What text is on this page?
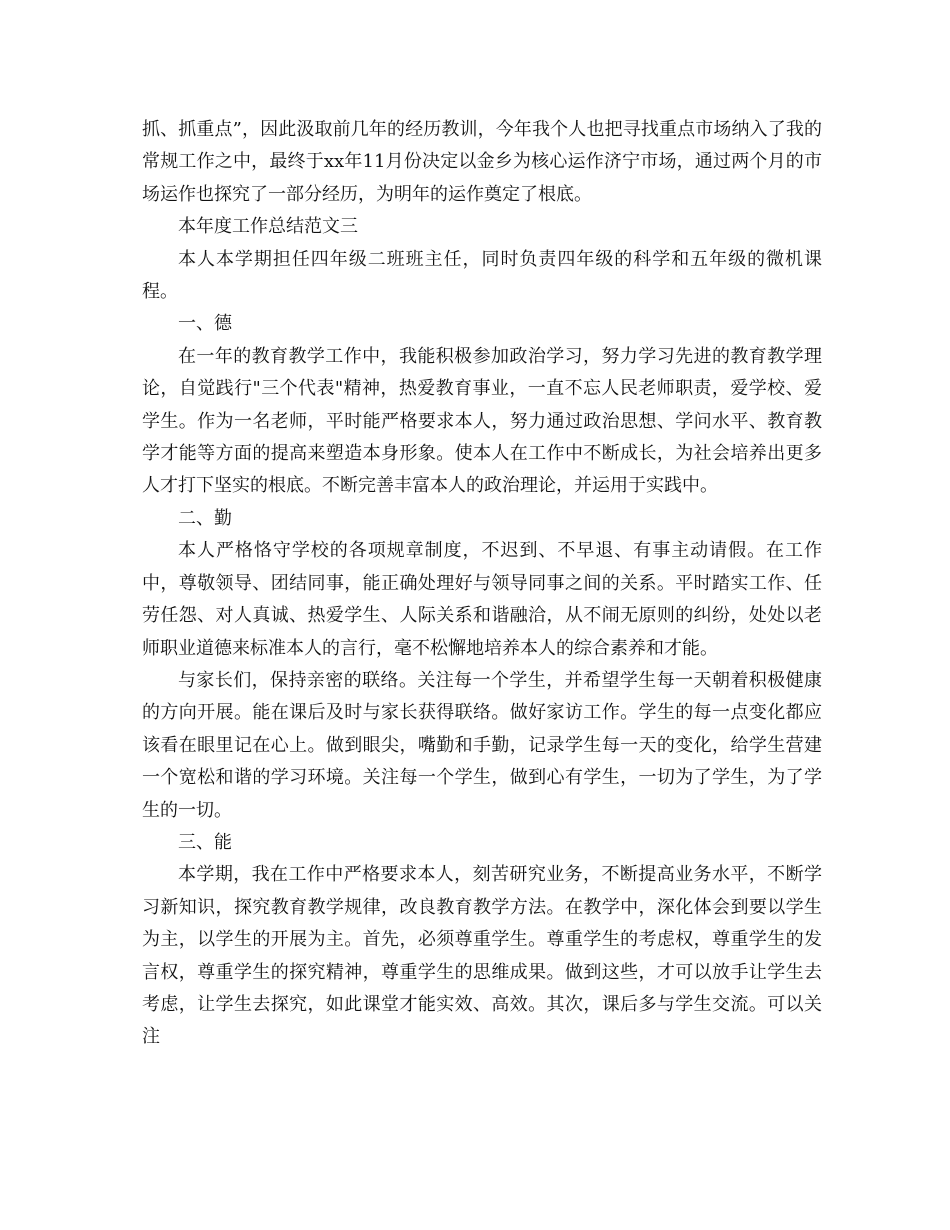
抓、抓重点”，因此汲取前几年的经历教训，今年我个人也把寻找重点市场纳入了我的常规工作之中，最终于xx年11月份决定以金乡为核心运作济宁市场，通过两个月的市场运作也探究了一部分经历，为明年的运作奠定了根底。

本年度工作总结范文三

本人本学期担任四年级二班班主任，同时负责四年级的科学和五年级的微机课程。

一、德

在一年的教育教学工作中，我能积极参加政治学习，努力学习先进的教育教学理论，自觉践行"三个代表"精神，热爱教育事业，一直不忘人民老师职责，爱学校、爱学生。作为一名老师，平时能严格要求本人，努力通过政治思想、学问水平、教育教学才能等方面的提高来塑造本身形象。使本人在工作中不断成长，为社会培养出更多人才打下坚实的根底。不断完善丰富本人的政治理论，并运用于实践中。

二、勤

本人严格恪守学校的各项规章制度，不迟到、不早退、有事主动请假。在工作中，尊敬领导、团结同事，能正确处理好与领导同事之间的关系。平时踏实工作、任劳任怨、对人真诚、热爱学生、人际关系和谐融洽，从不闹无原则的纠纷，处处以老师职业道德来标准本人的言行，毫不松懈地培养本人的综合素养和才能。

与家长们，保持亲密的联络。关注每一个学生，并希望学生每一天朝着积极健康的方向开展。能在课后及时与家长获得联络。做好家访工作。学生的每一点变化都应该看在眼里记在心上。做到眼尖，嘴勤和手勤，记录学生每一天的变化，给学生营建一个宽松和谐的学习环境。关注每一个学生，做到心有学生，一切为了学生，为了学生的一切。

三、能

本学期，我在工作中严格要求本人，刻苦研究业务，不断提高业务水平，不断学习新知识，探究教育教学规律，改良教育教学方法。在教学中，深化体会到要以学生为主，以学生的开展为主。首先，必须尊重学生。尊重学生的考虑权，尊重学生的发言权，尊重学生的探究精神，尊重学生的思维成果。做到这些，才可以放手让学生去考虑，让学生去探究，如此课堂才能实效、高效。其次，课后多与学生交流。可以关注
